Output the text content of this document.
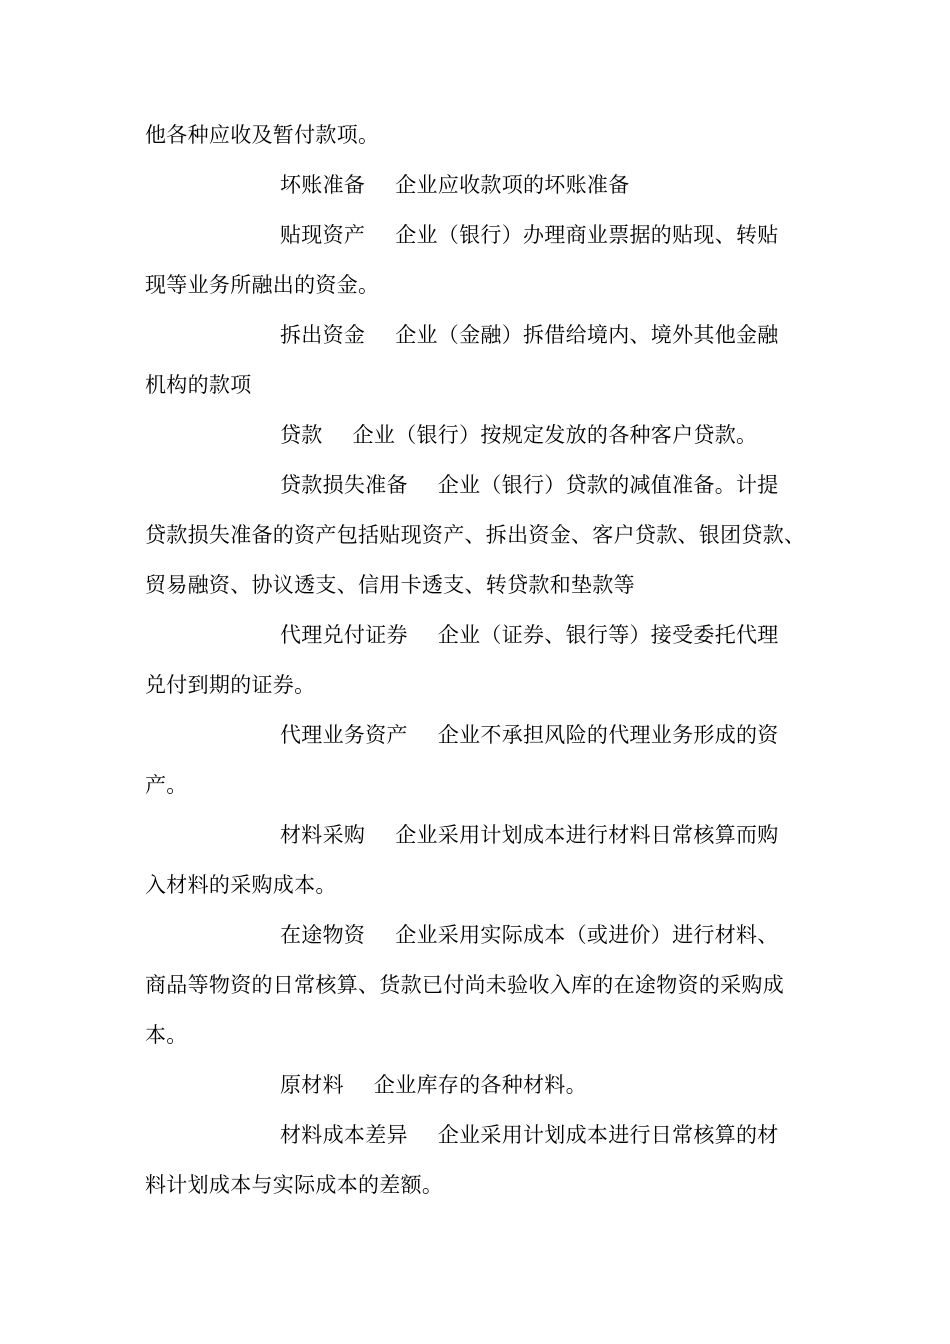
他各种应收及暂付款项。
坏账准备 企业应收款项的坏账准备
贴现资产 企业（银行）办理商业票据的贴现、转贴
现等业务所融出的资金。
拆出资金 企业（金融）拆借给境内、境外其他金融
机构的款项
贷款 企业（银行）按规定发放的各种客户贷款。
贷款损失准备 企业（银行）贷款的减值准备。计提
贷款损失准备的资产包括贴现资产、拆出资金、客户贷款、银团贷款、
贸易融资、协议透支、信用卡透支、转贷款和垫款等
代理兑付证券 企业（证券、银行等）接受委托代理
兑付到期的证券。
代理业务资产 企业不承担风险的代理业务形成的资
产。
材料采购 企业采用计划成本进行材料日常核算而购
入材料的采购成本。
在途物资 企业采用实际成本（或进价）进行材料、
商品等物资的日常核算、货款已付尚未验收入库的在途物资的采购成
本。
原材料 企业库存的各种材料。
材料成本差异 企业采用计划成本进行日常核算的材
料计划成本与实际成本的差额。
